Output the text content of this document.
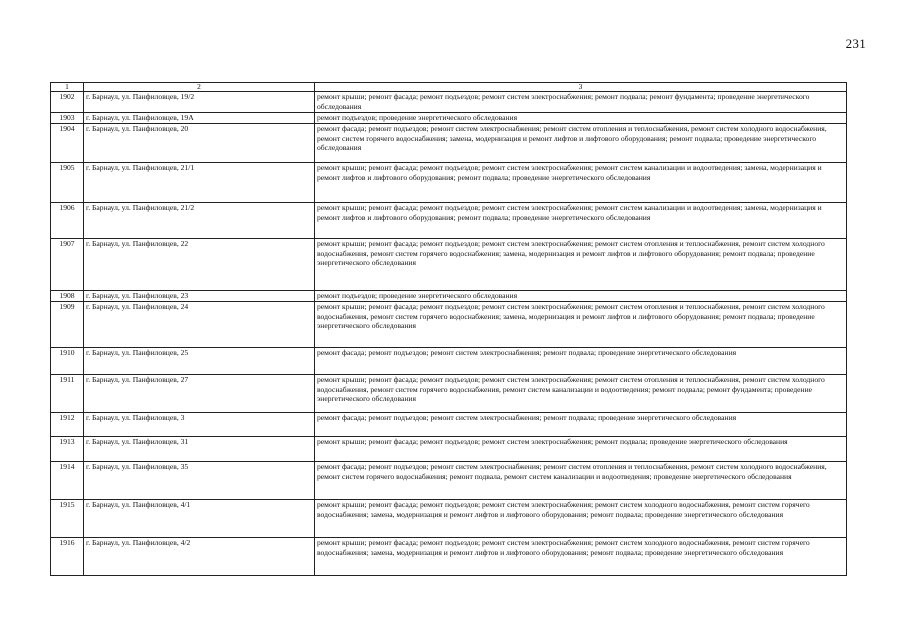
231
1	2	3
1902	г. Барнаул, ул. Панфиловцев, 19/2	ремонт крыши; ремонт фасада; ремонт подъездов; ремонт систем электроснабжения; ремонт подвала; ремонт фундамента; проведение энергетического обследования
1903	г. Барнаул, ул. Панфиловцев, 19А	ремонт подъездов; проведение энергетического обследования
1904	г. Барнаул, ул. Панфиловцев, 20	ремонт фасада; ремонт подъездов; ремонт систем электроснабжения; ремонт систем отопления и теплоснабжения, ремонт систем холодного водоснабжения, ремонт систем горячего водоснабжения; замена, модернизация и ремонт лифтов и лифтового оборудования; ремонт подвала; проведение энергетического обследования
1905	г. Барнаул, ул. Панфиловцев, 21/1	ремонт крыши; ремонт фасада; ремонт подъездов; ремонт систем электроснабжения; ремонт систем канализации и водоотведения; замена, модернизация и ремонт лифтов и лифтового оборудования; ремонт подвала; проведение энергетического обследования
1906	г. Барнаул, ул. Панфиловцев, 21/2	ремонт крыши; ремонт фасада; ремонт подъездов; ремонт систем электроснабжения; ремонт систем канализации и водоотведения; замена, модернизация и ремонт лифтов и лифтового оборудования; ремонт подвала; проведение энергетического обследования
1907	г. Барнаул, ул. Панфиловцев, 22	ремонт крыши; ремонт фасада; ремонт подъездов; ремонт систем электроснабжения; ремонт систем отопления и теплоснабжения, ремонт систем холодного водоснабжения, ремонт систем горячего водоснабжения; замена, модернизация и ремонт лифтов и лифтового оборудования; ремонт подвала; проведение энергетического обследования
1908	г. Барнаул, ул. Панфиловцев, 23	ремонт подъездов; проведение энергетического обследования
1909	г. Барнаул, ул. Панфиловцев, 24	ремонт крыши; ремонт фасада; ремонт подъездов; ремонт систем электроснабжения; ремонт систем отопления и теплоснабжения, ремонт систем холодного водоснабжения, ремонт систем горячего водоснабжения; замена, модернизация и ремонт лифтов и лифтового оборудования; ремонт подвала; проведение энергетического обследования
1910	г. Барнаул, ул. Панфиловцев, 25	ремонт фасада; ремонт подъездов; ремонт систем электроснабжения; ремонт подвала; проведение энергетического обследования
1911	г. Барнаул, ул. Панфиловцев, 27	ремонт крыши; ремонт фасада; ремонт подъездов; ремонт систем электроснабжения; ремонт систем отопления и теплоснабжения, ремонт систем холодного водоснабжения, ремонт систем горячего водоснабжения, ремонт систем канализации и водоотведения; ремонт подвала; ремонт фундамента; проведение энергетического обследования
1912	г. Барнаул, ул. Панфиловцев, 3	ремонт фасада; ремонт подъездов; ремонт систем электроснабжения; ремонт подвала; проведение энергетического обследования
1913	г. Барнаул, ул. Панфиловцев, 31	ремонт крыши; ремонт фасада; ремонт подъездов; ремонт систем электроснабжения; ремонт подвала; проведение энергетического обследования
1914	г. Барнаул, ул. Панфиловцев, 35	ремонт фасада; ремонт подъездов; ремонт систем электроснабжения; ремонт систем отопления и теплоснабжения, ремонт систем холодного водоснабжения, ремонт систем горячего водоснабжения; ремонт подвала, ремонт систем канализации и водоотведения; проведение энергетического обследования
1915	г. Барнаул, ул. Панфиловцев, 4/1	ремонт крыши; ремонт фасада; ремонт подъездов; ремонт систем электроснабжения; ремонт систем холодного водоснабжения, ремонт систем горячего водоснабжения; замена, модернизация и ремонт лифтов и лифтового оборудования; ремонт подвала; проведение энергетического обследования
1916	г. Барнаул, ул. Панфиловцев, 4/2	ремонт крыши; ремонт фасада; ремонт подъездов; ремонт систем электроснабжения; ремонт систем холодного водоснабжения, ремонт систем горячего водоснабжения; замена, модернизация и ремонт лифтов и лифтового оборудования; ремонт подвала; проведение энергетического обследования
